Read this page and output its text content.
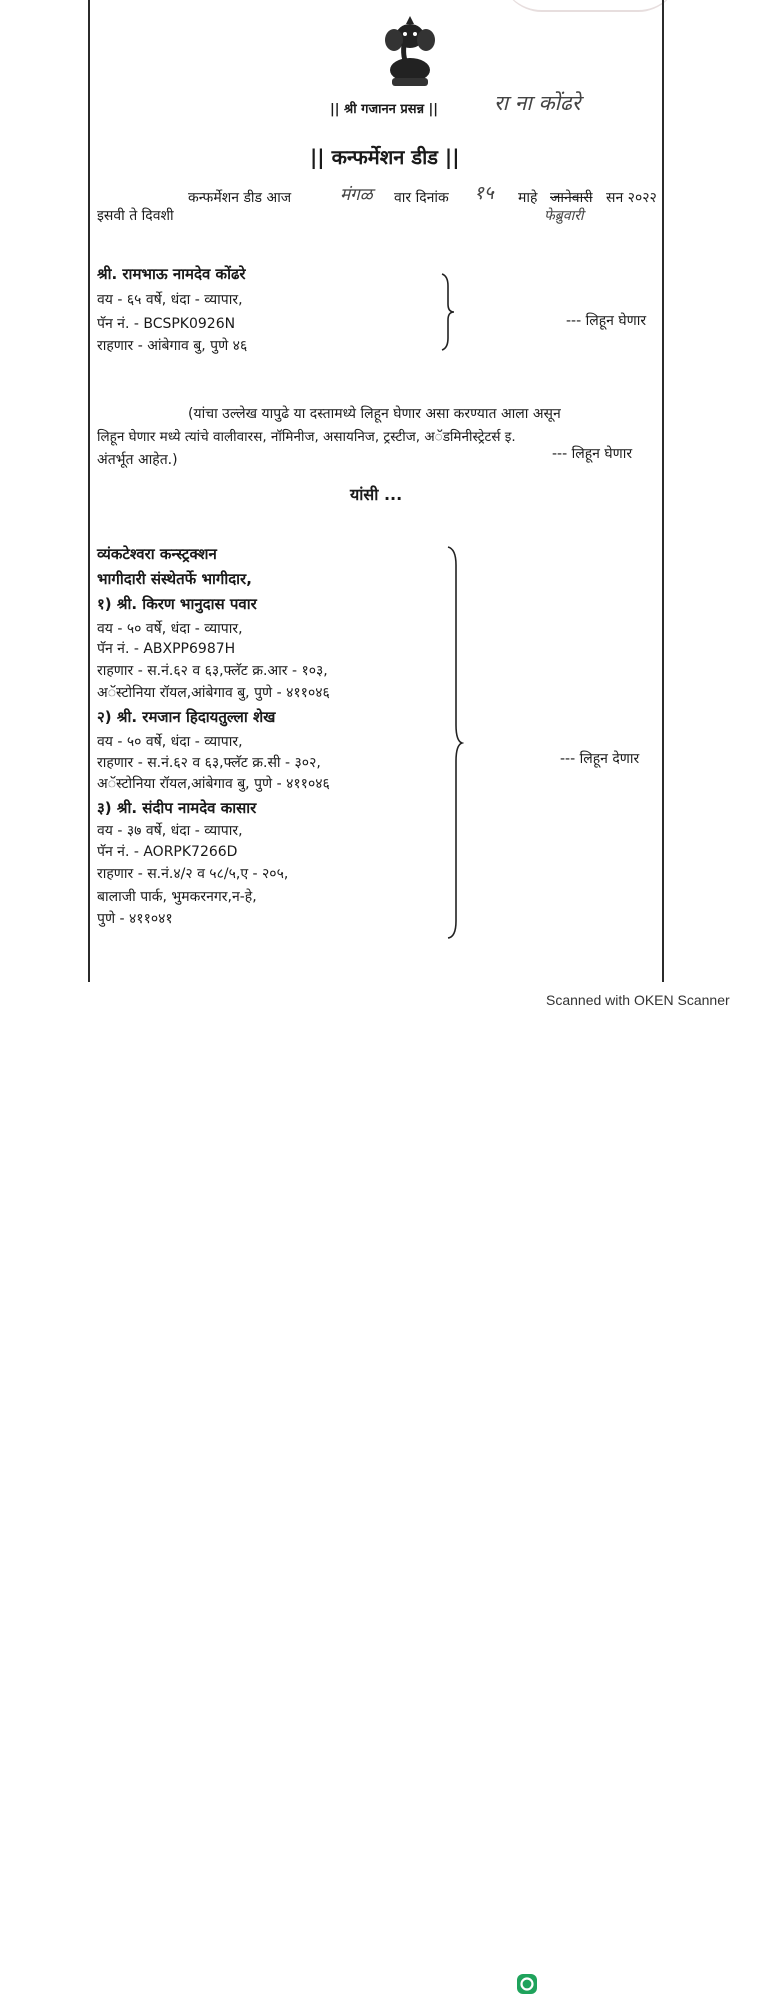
|| श्री गजानन प्रसन्न ||	रा ना कोंढरे
|| कन्फर्मेशन डीड ||
कन्फर्मेशन डीड आज	मंगळ वार दिनांक १५ माहे जानेवारी सन २०२२
फेब्रुवारी
इसवी ते दिवशी
श्री. रामभाऊ नामदेव कोंढरे
वय - ६५ वर्षे, धंदा - व्यापार,
पॅन नं. - BCSPK0926N
राहणार - आंबेगाव बु, पुणे ४६
--- लिहून घेणार
(यांचा उल्लेख यापुढे या दस्तामध्ये लिहून घेणार असा करण्यात आला असून
लिहून घेणार मध्ये त्यांचे वालीवारस, नॉमिनीज, असायनिज, ट्रस्टीज, अॅडमिनीस्ट्रेटर्स इ.
अंतर्भूत आहेत.)	--- लिहून घेणार
यांसी ...
व्यंकटेश्वरा कन्स्ट्रक्शन
भागीदारी संस्थेतर्फे भागीदार,
१) श्री. किरण भानुदास पवार
वय - ५० वर्षे, धंदा - व्यापार,
पॅन नं. - ABXPP6987H
राहणार - स.नं.६२ व ६३,फ्लॅट क्र.आर - १०३,
अॅस्टोनिया रॉयल,आंबेगाव बु, पुणे - ४११०४६
२) श्री. रमजान हिदायतुल्ला शेख
वय - ५० वर्षे, धंदा - व्यापार,
राहणार - स.नं.६२ व ६३,फ्लॅट क्र.सी - ३०२,
अॅस्टोनिया रॉयल,आंबेगाव बु, पुणे - ४११०४६
३) श्री. संदीप नामदेव कासार
वय - ३७ वर्षे, धंदा - व्यापार,
पॅन नं. - AORPK7266D
राहणार - स.नं.४/२ व ५८/५,ए - २०५,
बालाजी पार्क, भुमकरनगर,न-हे,
पुणे - ४११०४१
--- लिहून देणार
Scanned with OKEN Scanner
